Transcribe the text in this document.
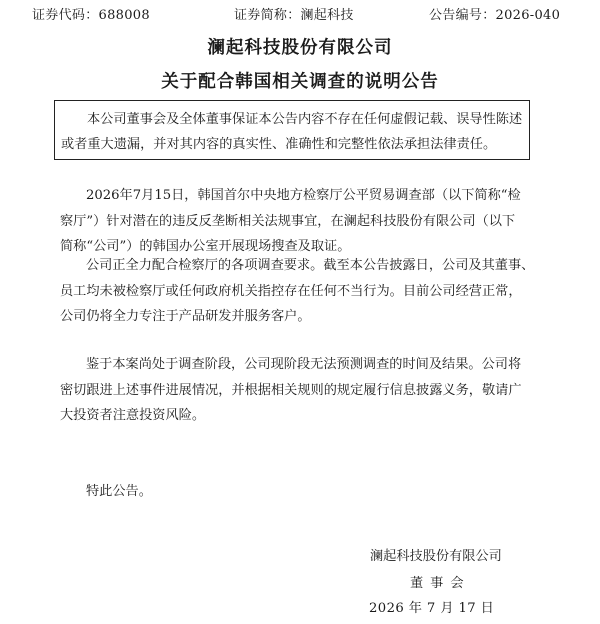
证券代码：688008	证券简称：澜起科技	公告编号：2026-040
澜起科技股份有限公司
关于配合韩国相关调查的说明公告
本公司董事会及全体董事保证本公告内容不存在任何虚假记载、误导性陈述
或者重大遗漏，并对其内容的真实性、准确性和完整性依法承担法律责任。
2026年7月15日，韩国首尔中央地方检察厅公平贸易调查部（以下简称“检
察厅”）针对潜在的违反反垄断相关法规事宜，在澜起科技股份有限公司（以下
简称“公司”）的韩国办公室开展现场搜查及取证。
公司正全力配合检察厅的各项调查要求。截至本公告披露日，公司及其董事、
员工均未被检察厅或任何政府机关指控存在任何不当行为。目前公司经营正常，
公司仍将全力专注于产品研发并服务客户。
鉴于本案尚处于调查阶段，公司现阶段无法预测调查的时间及结果。公司将
密切跟进上述事件进展情况，并根据相关规则的规定履行信息披露义务，敬请广
大投资者注意投资风险。
特此公告。
澜起科技股份有限公司
董事会
2026 年 7 月 17 日
